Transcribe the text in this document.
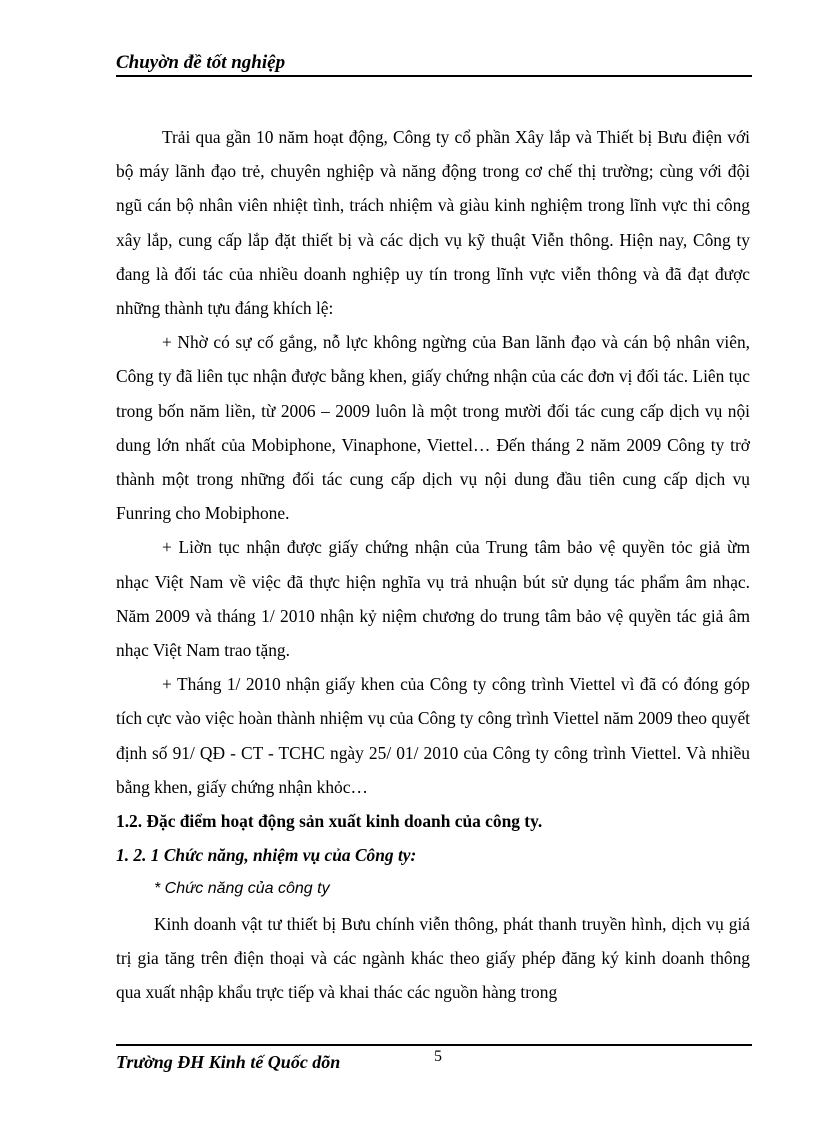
Chuyờn đề tốt nghiệp

Trải qua gần 10 năm hoạt động, Công ty cổ phần Xây lắp và Thiết bị Bưu điện với bộ máy lãnh đạo trẻ, chuyên nghiệp và năng động trong cơ chế thị trường; cùng với đội ngũ cán bộ nhân viên nhiệt tình, trách nhiệm và giàu kinh nghiệm trong lĩnh vực thi công xây lắp, cung cấp lắp đặt thiết bị và các dịch vụ kỹ thuật Viễn thông. Hiện nay, Công ty đang là đối tác của nhiều doanh nghiệp uy tín trong lĩnh vực viễn thông và đã đạt được những thành tựu đáng khích lệ:

+ Nhờ có sự cố gắng, nỗ lực không ngừng của Ban lãnh đạo và cán bộ nhân viên, Công ty đã liên tục nhận được bằng khen, giấy chứng nhận của các đơn vị đối tác. Liên tục trong bốn năm liền, từ 2006 – 2009 luôn là một trong mười đối tác cung cấp dịch vụ nội dung lớn nhất của Mobiphone, Vinaphone, Viettel… Đến tháng 2 năm 2009 Công ty trở thành một trong những đối tác cung cấp dịch vụ nội dung đầu tiên cung cấp dịch vụ Funring cho Mobiphone.

+ Liờn tục nhận được giấy chứng nhận của Trung tâm bảo vệ quyền tỏc giả ừm nhạc Việt Nam về việc đã thực hiện nghĩa vụ trả nhuận bút sử dụng tác phẩm âm nhạc. Năm 2009 và tháng 1/ 2010 nhận kỷ niệm chương do trung tâm bảo vệ quyền tác giả âm nhạc Việt Nam trao tặng.

+ Tháng 1/ 2010 nhận giấy khen của Công ty công trình Viettel vì đã có đóng góp tích cực vào việc hoàn thành nhiệm vụ của Công ty công trình Viettel năm 2009 theo quyết định số 91/ QĐ - CT - TCHC ngày 25/ 01/ 2010 của Công ty công trình Viettel. Và nhiều bằng khen, giấy chứng nhận khỏc…

1.2. Đặc điểm hoạt động sản xuất kinh doanh của công ty.

1. 2. 1 Chức năng, nhiệm vụ của Công ty:

* Chức năng của công ty

Kinh doanh vật tư thiết bị Bưu chính viễn thông, phát thanh truyền hình, dịch vụ giá trị gia tăng trên điện thoại và các ngành khác theo giấy phép đăng ký kinh doanh thông qua xuất nhập khẩu trực tiếp và khai thác các nguồn hàng trong

Trường ĐH Kinh tế Quốc dõn	5
